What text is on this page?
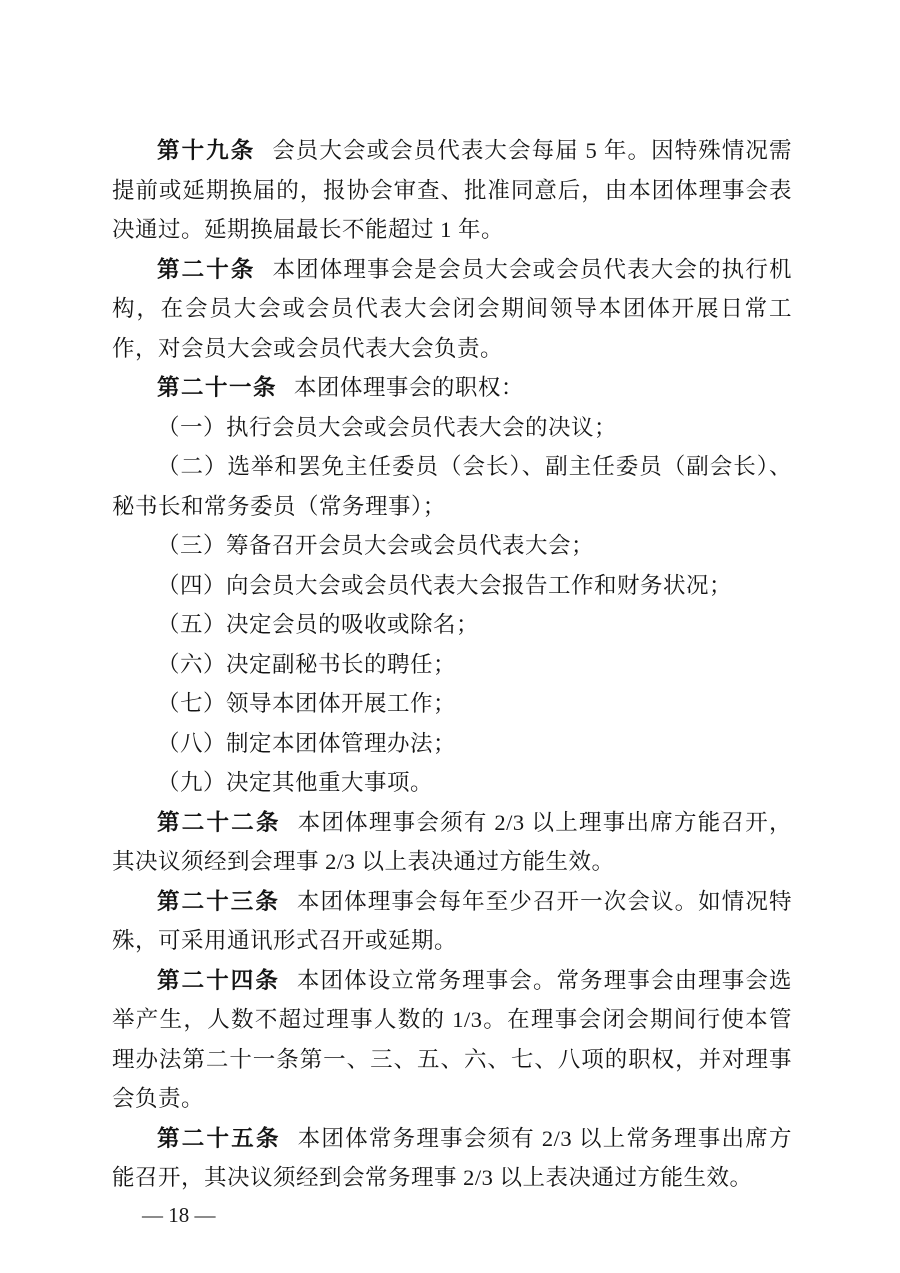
第十九条 会员大会或会员代表大会每届 5 年。因特殊情况需提前或延期换届的，报协会审查、批准同意后，由本团体理事会表决通过。延期换届最长不能超过 1 年。

第二十条 本团体理事会是会员大会或会员代表大会的执行机构，在会员大会或会员代表大会闭会期间领导本团体开展日常工作，对会员大会或会员代表大会负责。

第二十一条 本团体理事会的职权：

（一）执行会员大会或会员代表大会的决议；

（二）选举和罢免主任委员（会长）、副主任委员（副会长）、秘书长和常务委员（常务理事）；

（三）筹备召开会员大会或会员代表大会；

（四）向会员大会或会员代表大会报告工作和财务状况；

（五）决定会员的吸收或除名；

（六）决定副秘书长的聘任；

（七）领导本团体开展工作；

（八）制定本团体管理办法；

（九）决定其他重大事项。

第二十二条 本团体理事会须有 2/3 以上理事出席方能召开，其决议须经到会理事 2/3 以上表决通过方能生效。

第二十三条 本团体理事会每年至少召开一次会议。如情况特殊，可采用通讯形式召开或延期。

第二十四条 本团体设立常务理事会。常务理事会由理事会选举产生，人数不超过理事人数的 1/3。在理事会闭会期间行使本管理办法第二十一条第一、三、五、六、七、八项的职权，并对理事会负责。

第二十五条 本团体常务理事会须有 2/3 以上常务理事出席方能召开，其决议须经到会常务理事 2/3 以上表决通过方能生效。

— 18 —
